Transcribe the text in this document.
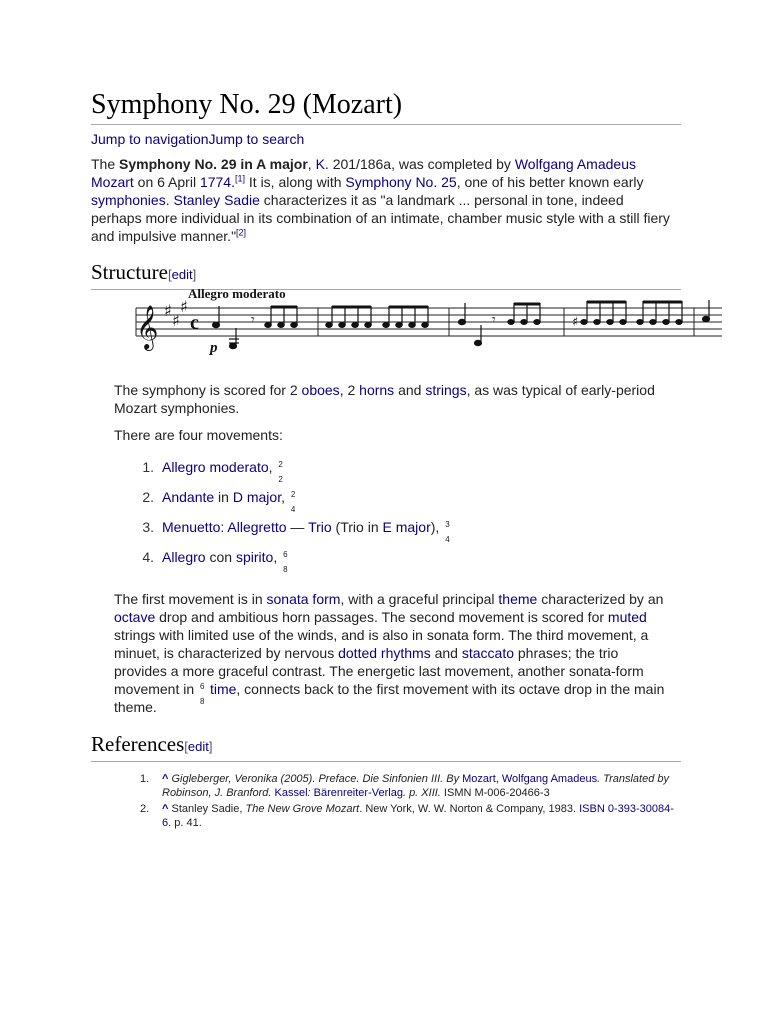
Symphony No. 29 (Mozart)
Jump to navigationJump to search

The Symphony No. 29 in A major, K. 201/186a, was completed by Wolfgang Amadeus Mozart on 6 April 1774.[1] It is, along with Symphony No. 25, one of his better known early symphonies. Stanley Sadie characterizes it as "a landmark ... personal in tone, indeed perhaps more individual in its combination of an intimate, chamber music style with a still fiery and impulsive manner."[2]

Structure[edit]
𝄞 ♯
♯
♯
c
Allegro moderato
p
𝄾	𝄾	♯

The symphony is scored for 2 oboes, 2 horns and strings, as was typical of early-period Mozart symphonies.

There are four movements:

1. Allegro moderato, 2
2
2. Andante in D major, 2
4
3. Menuetto: Allegretto — Trio (Trio in E major), 3
4
4. Allegro con spirito, 6
8

The first movement is in sonata form, with a graceful principal theme characterized by an octave drop and ambitious horn passages. The second movement is scored for muted strings with limited use of the winds, and is also in sonata form. The third movement, a minuet, is characterized by nervous dotted rhythms and staccato phrases; the trio provides a more graceful contrast. The energetic last movement, another sonata-form movement in 6
8
time, connects back to the first movement with its octave drop in the main theme.

References[edit]
1. ^ Gigleberger, Veronika (2005). Preface. Die Sinfonien III. By Mozart, Wolfgang Amadeus. Translated by Robinson, J. Branford. Kassel: Bärenreiter-Verlag. p. XIII. ISMN M-006-20466-3
2. ^ Stanley Sadie, The New Grove Mozart. New York, W. W. Norton & Company, 1983. ISBN 0-393-30084-6. p. 41.
